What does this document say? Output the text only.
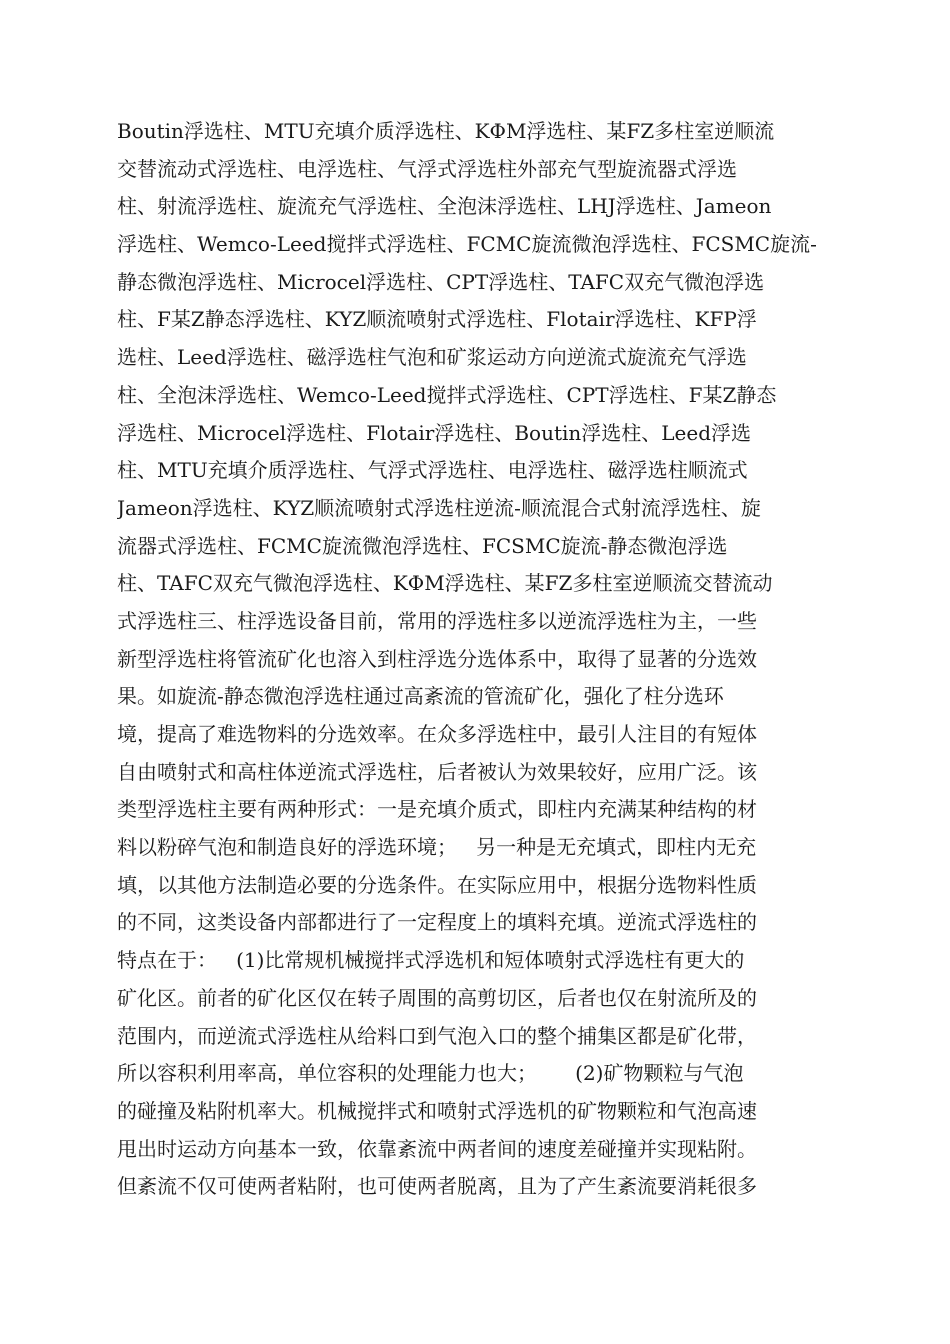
Boutin浮选柱、MTU充填介质浮选柱、KΦM浮选柱、某FZ多柱室逆顺流
交替流动式浮选柱、电浮选柱、气浮式浮选柱外部充气型旋流器式浮选
柱、射流浮选柱、旋流充气浮选柱、全泡沫浮选柱、LHJ浮选柱、Jameon
浮选柱、Wemco-Leed搅拌式浮选柱、FCMC旋流微泡浮选柱、FCSMC旋流-
静态微泡浮选柱、Microcel浮选柱、CPT浮选柱、TAFC双充气微泡浮选
柱、F某Z静态浮选柱、KYZ顺流喷射式浮选柱、Flotair浮选柱、KFP浮
选柱、Leed浮选柱、磁浮选柱气泡和矿浆运动方向逆流式旋流充气浮选
柱、全泡沫浮选柱、Wemco-Leed搅拌式浮选柱、CPT浮选柱、F某Z静态
浮选柱、Microcel浮选柱、Flotair浮选柱、Boutin浮选柱、Leed浮选
柱、MTU充填介质浮选柱、气浮式浮选柱、电浮选柱、磁浮选柱顺流式
Jameon浮选柱、KYZ顺流喷射式浮选柱逆流-顺流混合式射流浮选柱、旋
流器式浮选柱、FCMC旋流微泡浮选柱、FCSMC旋流-静态微泡浮选
柱、TAFC双充气微泡浮选柱、KΦM浮选柱、某FZ多柱室逆顺流交替流动
式浮选柱三、柱浮选设备目前，常用的浮选柱多以逆流浮选柱为主，一些
新型浮选柱将管流矿化也溶入到柱浮选分选体系中，取得了显著的分选效
果。如旋流-静态微泡浮选柱通过高紊流的管流矿化，强化了柱分选环
境，提高了难选物料的分选效率。在众多浮选柱中，最引人注目的有短体
自由喷射式和高柱体逆流式浮选柱，后者被认为效果较好，应用广泛。该
类型浮选柱主要有两种形式：一是充填介质式，即柱内充满某种结构的材
料以粉碎气泡和制造良好的浮选环境；   另一种是无充填式，即柱内无充
填，以其他方法制造必要的分选条件。在实际应用中，根据分选物料性质
的不同，这类设备内部都进行了一定程度上的填料充填。逆流式浮选柱的
特点在于：   (1)比常规机械搅拌式浮选机和短体喷射式浮选柱有更大的
矿化区。前者的矿化区仅在转子周围的高剪切区，后者也仅在射流所及的
范围内，而逆流式浮选柱从给料口到气泡入口的整个捕集区都是矿化带，
所以容积利用率高，单位容积的处理能力也大；      (2)矿物颗粒与气泡
的碰撞及粘附机率大。机械搅拌式和喷射式浮选机的矿物颗粒和气泡高速
甩出时运动方向基本一致，依靠紊流中两者间的速度差碰撞并实现粘附。
但紊流不仅可使两者粘附，也可使两者脱离，且为了产生紊流要消耗很多
